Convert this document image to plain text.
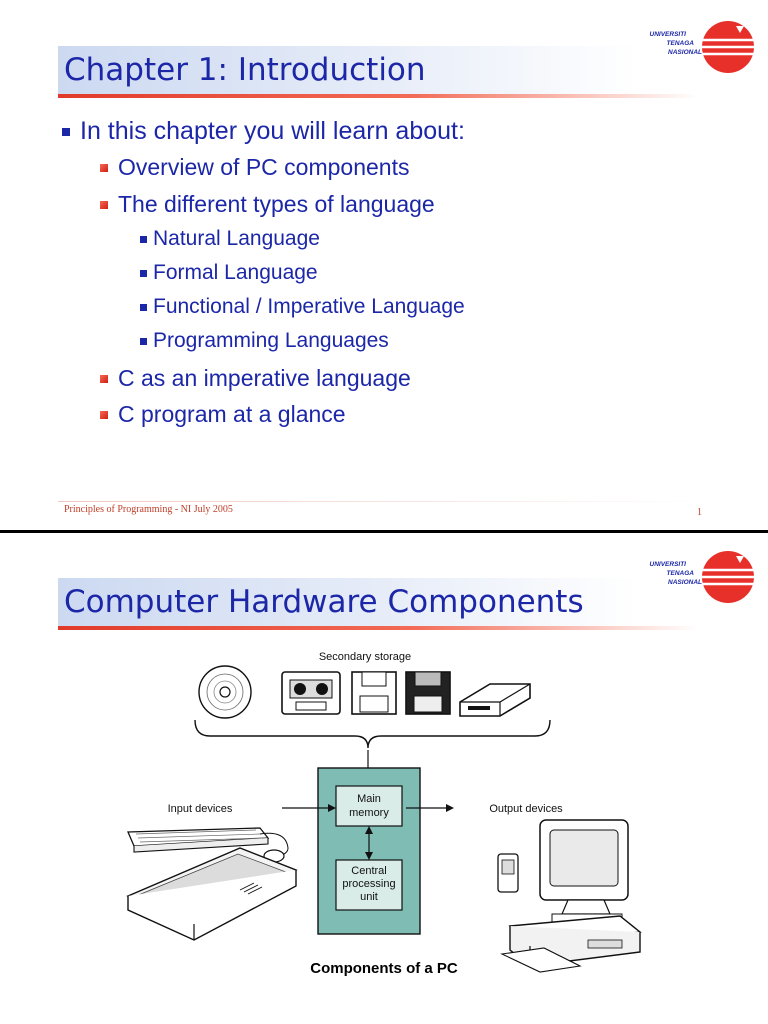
UNIVERSITI
TENAGA
NASIONAL
Chapter 1: Introduction
In this chapter you will learn about:
Overview of PC components
The different types of language
Natural Language
Formal Language
Functional / Imperative Language
Programming Languages
C as an imperative language
C program at a glance
Principles of Programming - NI July 2005	1
UNIVERSITI
TENAGA
NASIONAL
Computer Hardware Components
Secondary storage
Main
memory
Central
processing
unit
Input devices	Output devices
Components of a PC
